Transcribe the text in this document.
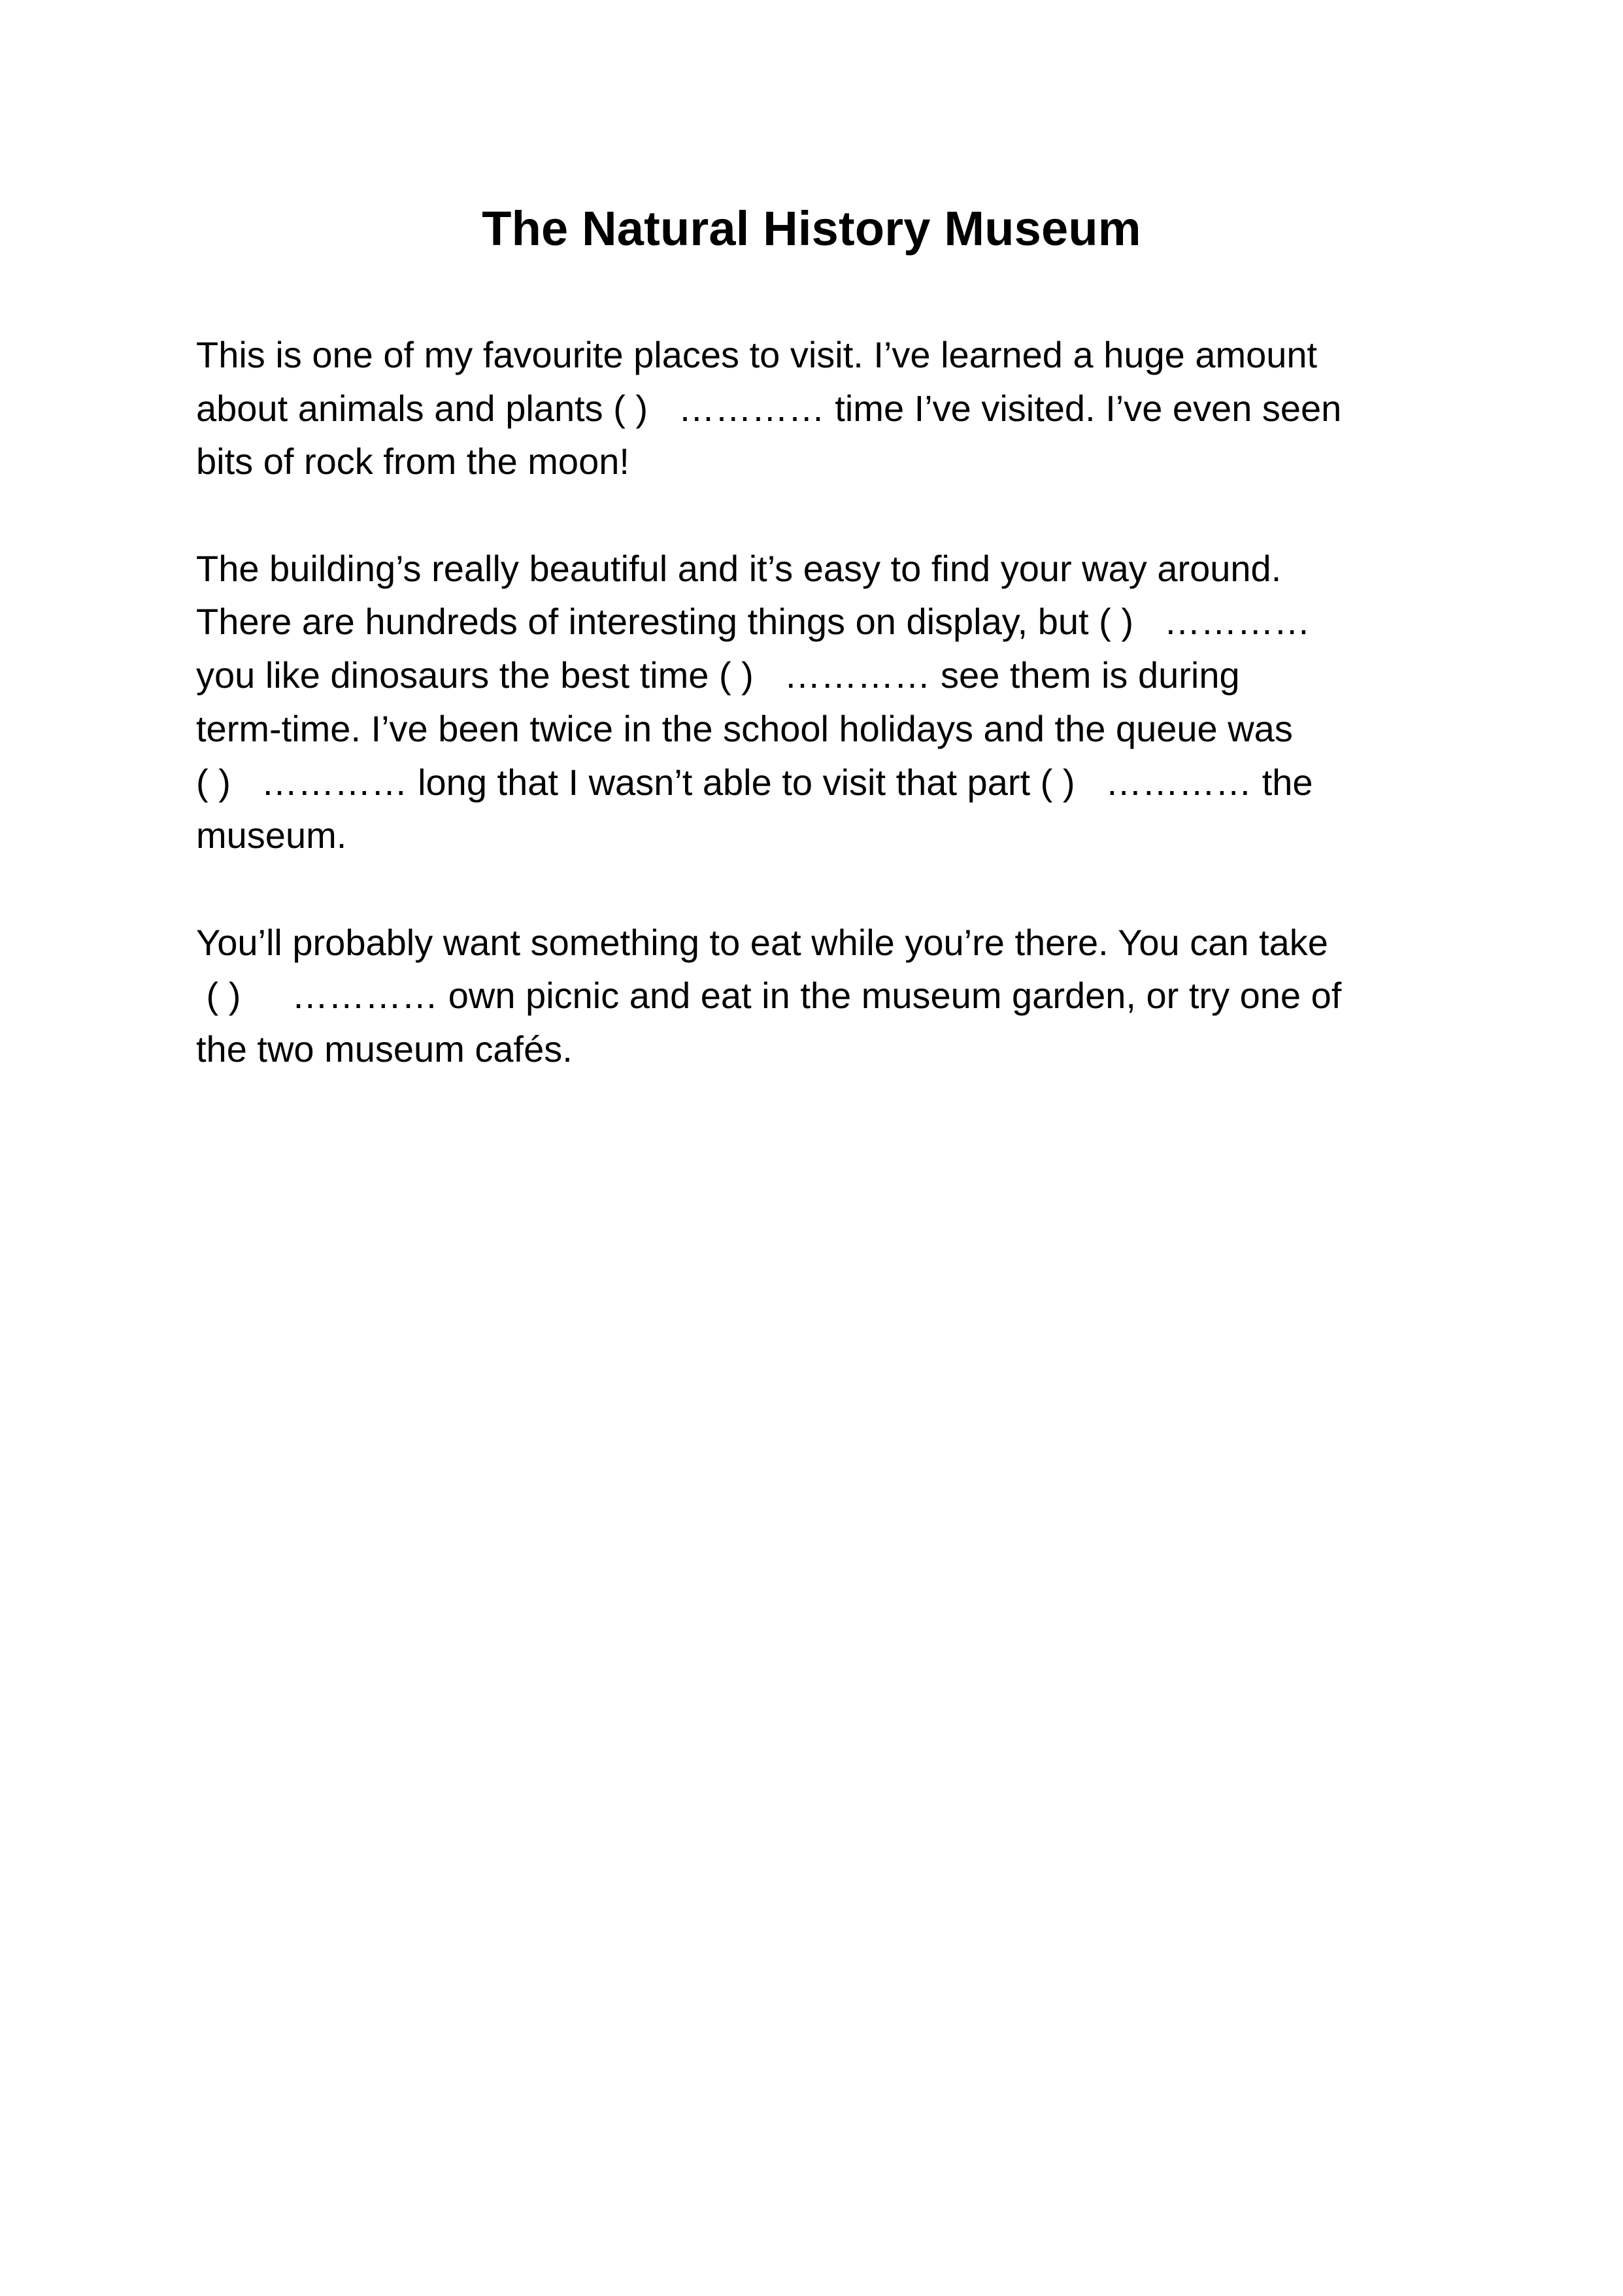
The Natural History Museum

This is one of my favourite places to visit. I’ve learned a huge amount
about animals and plants ( )   ………… time I’ve visited. I’ve even seen
bits of rock from the moon!

The building’s really beautiful and it’s easy to find your way around.
There are hundreds of interesting things on display, but ( )   …………
you like dinosaurs the best time ( )   ………… see them is during
term-time. I’ve been twice in the school holidays and the queue was
( )   ………… long that I wasn’t able to visit that part ( )   ………… the
museum.

You’ll probably want something to eat while you’re there. You can take
( )     ………… own picnic and eat in the museum garden, or try one of
the two museum cafés.
